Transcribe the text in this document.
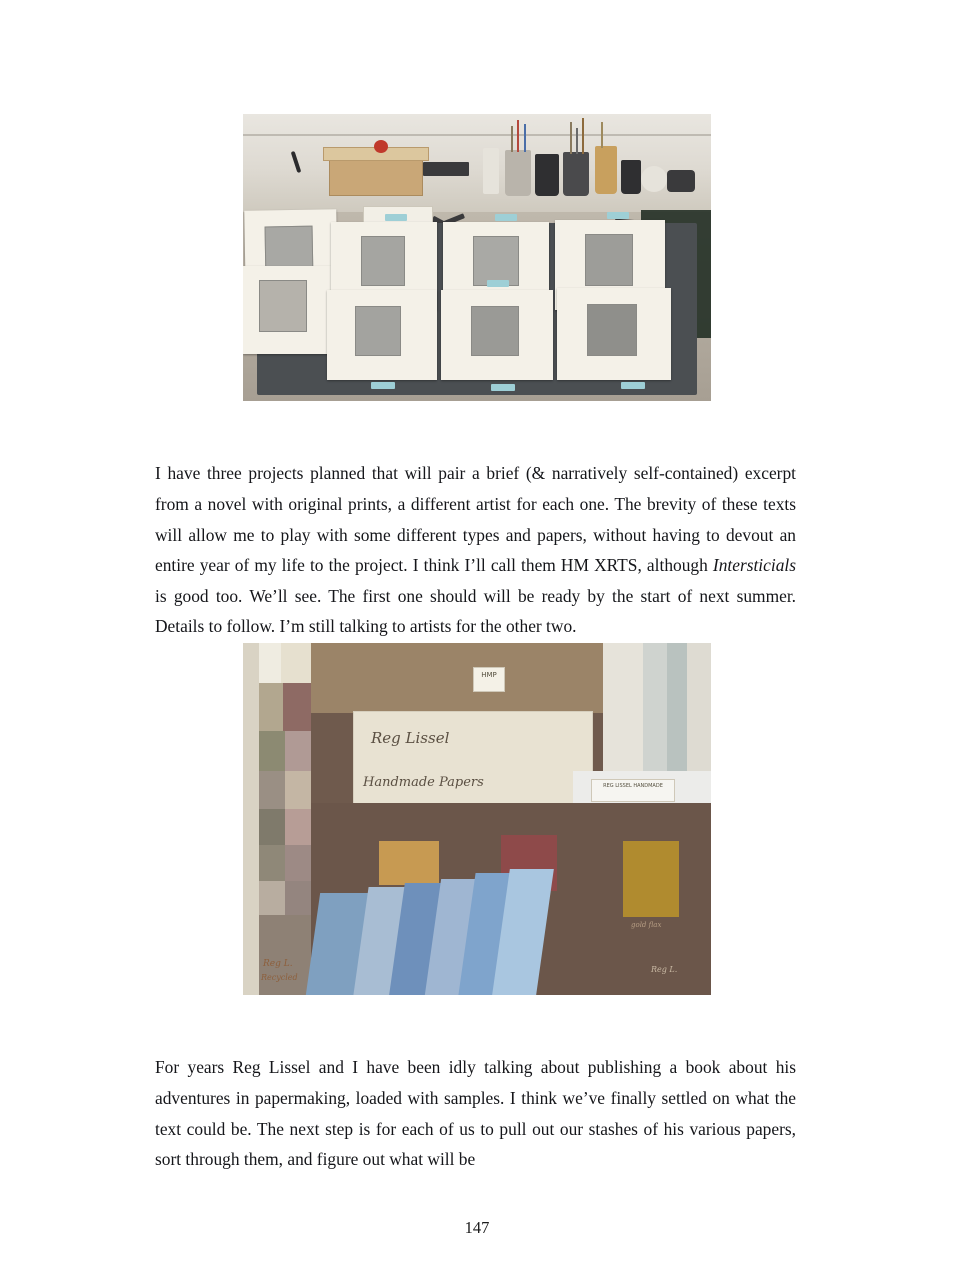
I have three projects planned that will pair a brief (& narratively self-contained) excerpt from a novel with original prints, a different artist for each one. The brevity of these texts will allow me to play with some different types and papers, without having to devout an entire year of my life to the project. I think I’ll call them HM XRTS, although Intersticials is good too. We’ll see. The first one should will be ready by the start of next summer. Details to follow. I’m still talking to artists for the other two.

HMP
Reg Lissel
Handmade Papers	REG LISSEL HANDMADE
Reg L.
Recycled
Reg L.
gold flax

For years Reg Lissel and I have been idly talking about publishing a book about his adventures in papermaking, loaded with samples. I think we’ve finally settled on what the text could be. The next step is for each of us to pull out our stashes of his various papers, sort through them, and figure out what will be

147
